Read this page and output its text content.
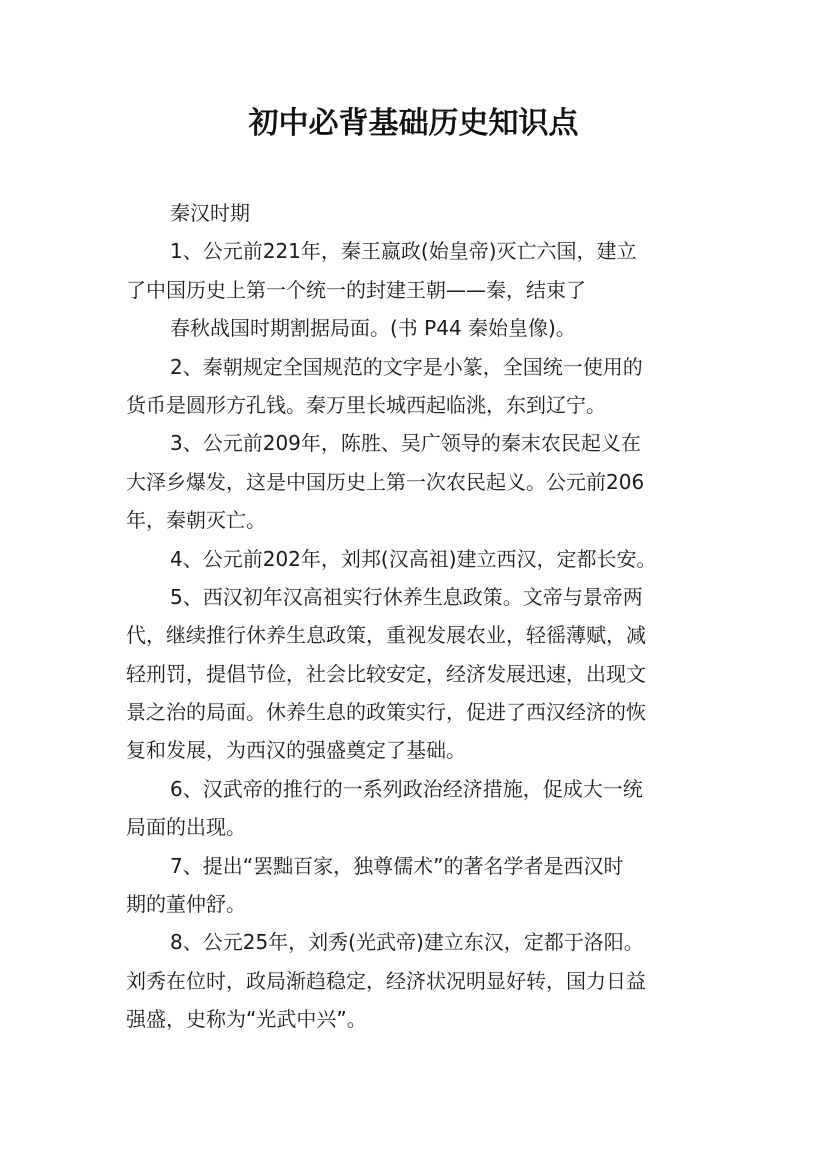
初中必背基础历史知识点
秦汉时期
1、公元前221年，秦王嬴政(始皇帝)灭亡六国，建立
了中国历史上第一个统一的封建王朝——秦，结束了
春秋战国时期割据局面。(书 P44 秦始皇像)。
2、秦朝规定全国规范的文字是小篆，全国统一使用的
货币是圆形方孔钱。秦万里长城西起临洮，东到辽宁。
3、公元前209年，陈胜、吴广领导的秦末农民起义在
大泽乡爆发，这是中国历史上第一次农民起义。公元前206
年，秦朝灭亡。
4、公元前202年，刘邦(汉高祖)建立西汉，定都长安。
5、西汉初年汉高祖实行休养生息政策。文帝与景帝两
代，继续推行休养生息政策，重视发展农业，轻徭薄赋，减
轻刑罚，提倡节俭，社会比较安定，经济发展迅速，出现文
景之治的局面。休养生息的政策实行，促进了西汉经济的恢
复和发展，为西汉的强盛奠定了基础。
6、汉武帝的推行的一系列政治经济措施，促成大一统
局面的出现。
7、提出“罢黜百家，独尊儒术”的著名学者是西汉时
期的董仲舒。
8、公元25年，刘秀(光武帝)建立东汉，定都于洛阳。
刘秀在位时，政局渐趋稳定，经济状况明显好转，国力日益
强盛，史称为“光武中兴”。
